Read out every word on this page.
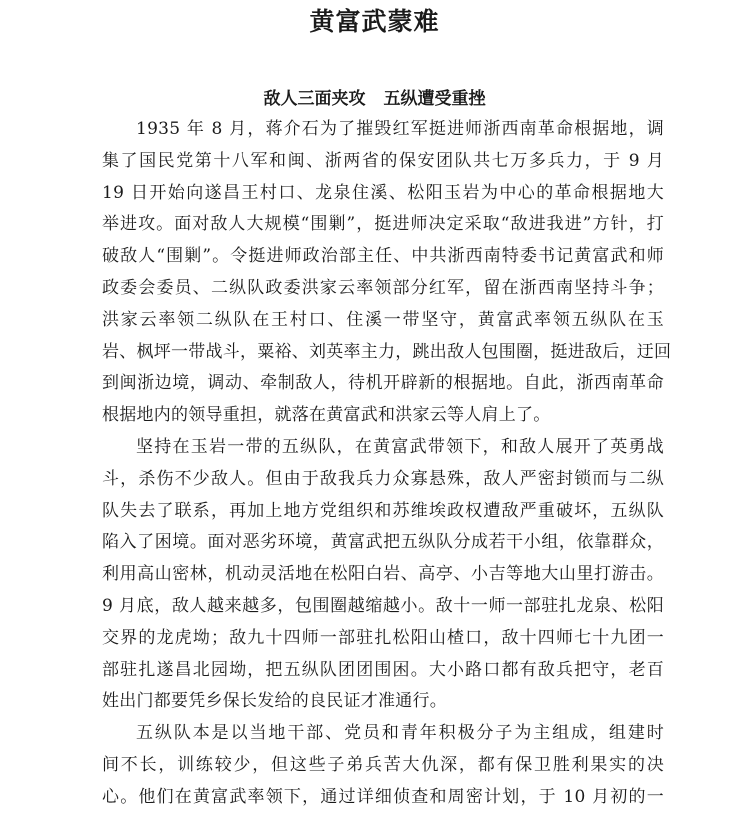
黄富武蒙难
敌人三面夹攻 五纵遭受重挫
1935 年 8 月，蒋介石为了摧毁红军挺进师浙西南革命根据地，调
集了国民党第十八军和闽、浙两省的保安团队共七万多兵力，于 9 月
19 日开始向遂昌王村口、龙泉住溪、松阳玉岩为中心的革命根据地大
举进攻。面对敌人大规模“围剿”，挺进师决定采取“敌进我进”方针，打
破敌人“围剿”。令挺进师政治部主任、中共浙西南特委书记黄富武和师
政委会委员、二纵队政委洪家云率领部分红军，留在浙西南坚持斗争；
洪家云率领二纵队在王村口、住溪一带坚守，黄富武率领五纵队在玉
岩、枫坪一带战斗，粟裕、刘英率主力，跳出敌人包围圈，挺进敌后，迂回
到闽浙边境，调动、牵制敌人，待机开辟新的根据地。自此，浙西南革命
根据地内的领导重担，就落在黄富武和洪家云等人肩上了。
坚持在玉岩一带的五纵队，在黄富武带领下，和敌人展开了英勇战
斗，杀伤不少敌人。但由于敌我兵力众寡悬殊，敌人严密封锁而与二纵
队失去了联系，再加上地方党组织和苏维埃政权遭敌严重破坏，五纵队
陷入了困境。面对恶劣环境，黄富武把五纵队分成若干小组，依靠群众，
利用高山密林，机动灵活地在松阳白岩、高亭、小吉等地大山里打游击。
9 月底，敌人越来越多，包围圈越缩越小。敌十一师一部驻扎龙泉、松阳
交界的龙虎坳；敌九十四师一部驻扎松阳山楂口，敌十四师七十九团一
部驻扎遂昌北园坳，把五纵队团团围困。大小路口都有敌兵把守，老百
姓出门都要凭乡保长发给的良民证才准通行。
五纵队本是以当地干部、党员和青年积极分子为主组成，组建时
间不长，训练较少，但这些子弟兵苦大仇深，都有保卫胜利果实的决
心。他们在黄富武率领下，通过详细侦查和周密计划，于 10 月初的一
